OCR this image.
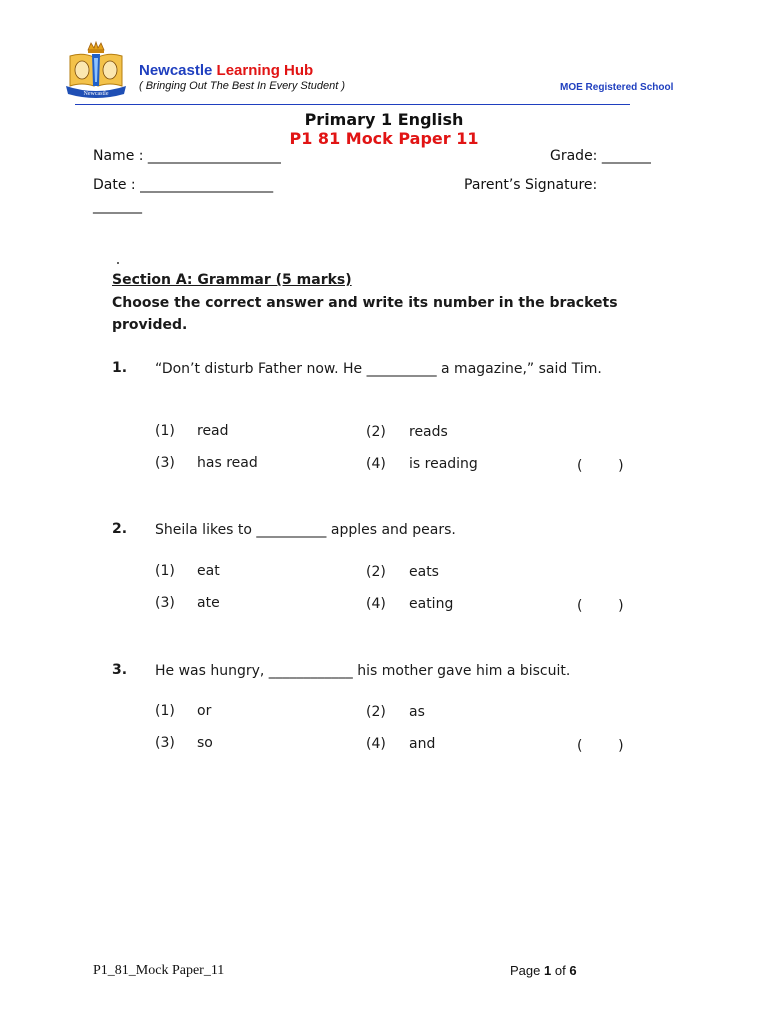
Newcastle
Newcastle Learning Hub
( Bringing Out The Best In Every Student )	MOE Registered School
Primary 1 English
P1 81 Mock Paper 11
Name : ___________________	Grade: _______
Date : ___________________	Parent’s Signature:
_______
Section A: Grammar (5 marks)
Choose the correct answer and write its number in the brackets provided.
1. “Don’t disturb Father now. He __________ a magazine,” said Tim.
(1) read	(2) reads
(3) has read	(4) is reading	(        )
2. Sheila likes to __________ apples and pears.
(1) eat	(2) eats
(3) ate	(4) eating	(        )
3. He was hungry, ____________ his mother gave him a biscuit.
(1) or	(2) as
(3) so	(4) and	(        )
P1_81_Mock Paper_11	Page 1 of 6
